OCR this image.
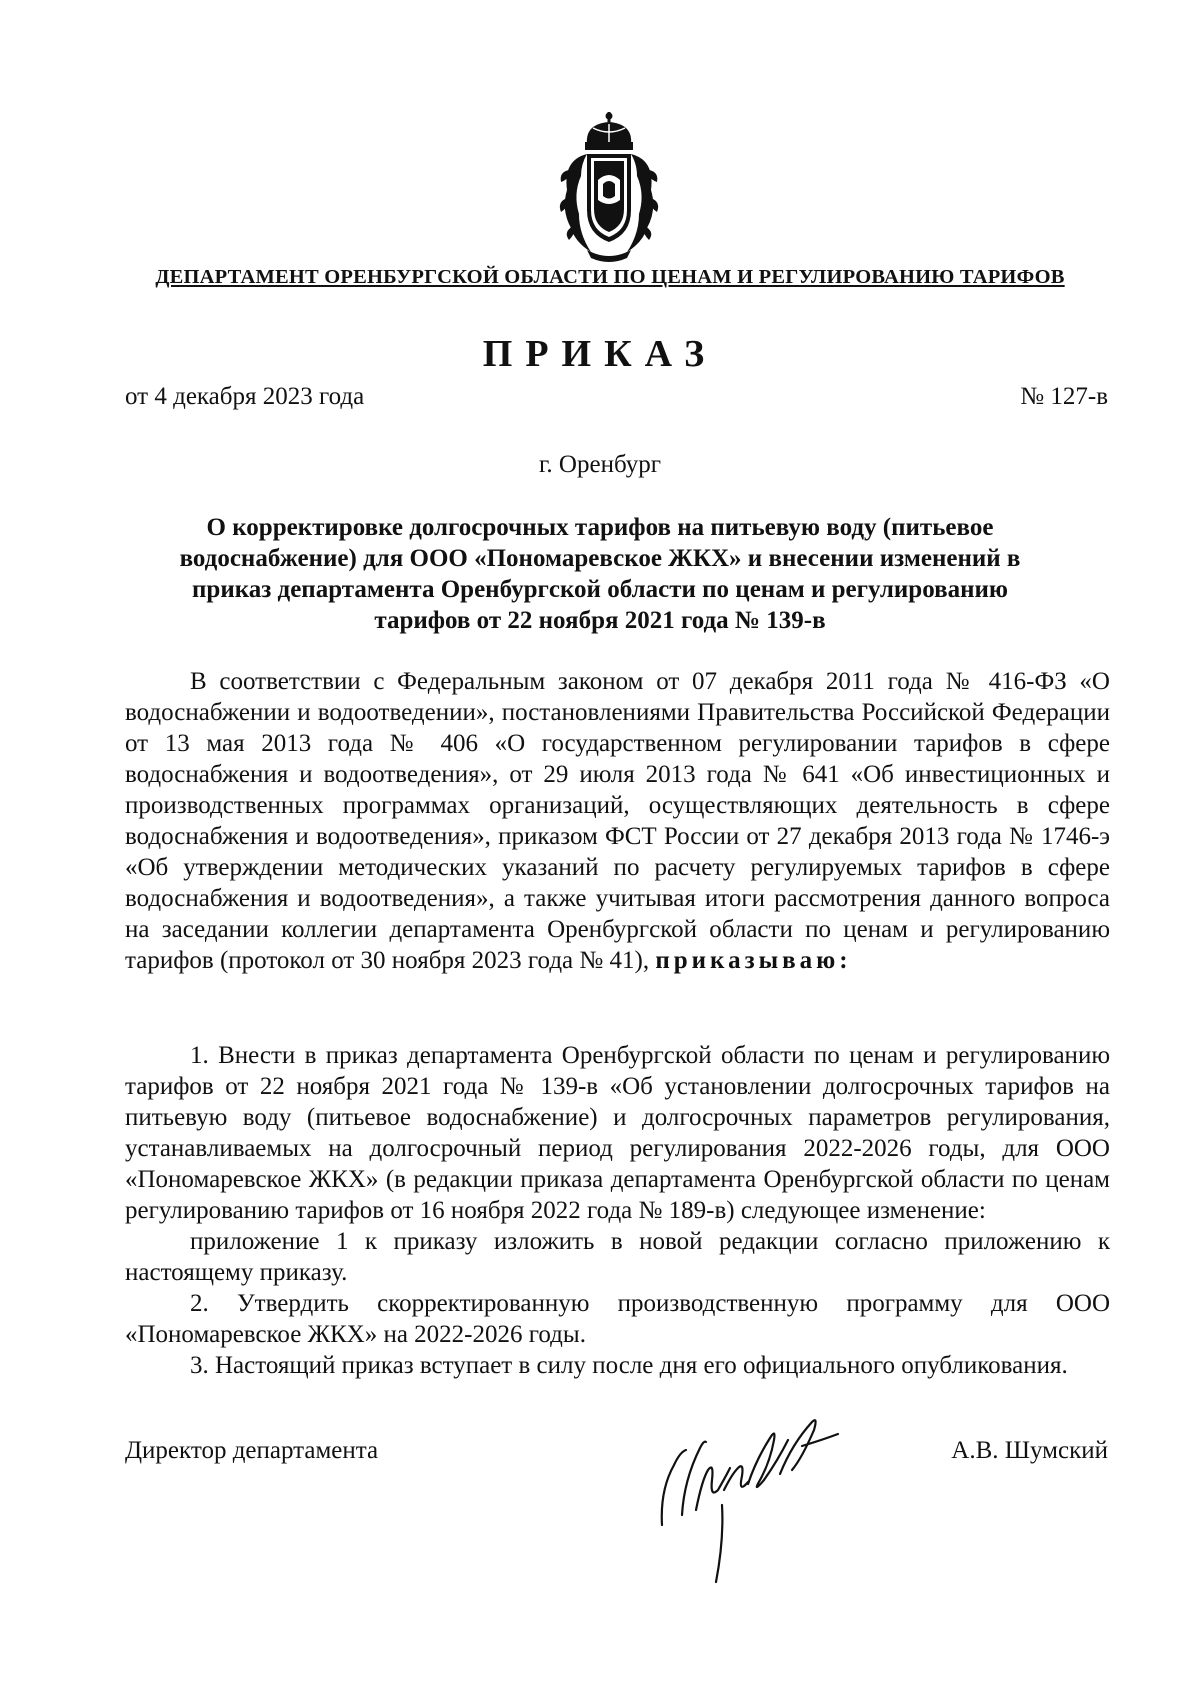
ДЕПАРТАМЕНТ ОРЕНБУРГСКОЙ ОБЛАСТИ ПО ЦЕНАМ И РЕГУЛИРОВАНИЮ ТАРИФОВ
ПРИКАЗ
от 4 декабря 2023 года	№ 127-в
г. Оренбург
О корректировке долгосрочных тарифов на питьевую воду (питьевое водоснабжение) для ООО «Пономаревское ЖКХ» и внесении изменений в приказ департамента Оренбургской области по ценам и регулированию тарифов от 22 ноября 2021 года № 139-в

В соответствии с Федеральным законом от 07 декабря 2011 года № 416-ФЗ «О водоснабжении и водоотведении», постановлениями Правительства Российской Федерации от 13 мая 2013 года № 406 «О государственном регулировании тарифов в сфере водоснабжения и водоотведения», от 29 июля 2013 года № 641 «Об инвестиционных и производственных программах организаций, осуществляющих деятельность в сфере водоснабжения и водоотведения», приказом ФСТ России от 27 декабря 2013 года № 1746-э «Об утверждении методических указаний по расчету регулируемых тарифов в сфере водоснабжения и водоотведения», а также учитывая итоги рассмотрения данного вопроса на заседании коллегии департамента Оренбургской области по ценам и регулированию тарифов (протокол от 30 ноября 2023 года № 41), приказываю:

1. Внести в приказ департамента Оренбургской области по ценам и регулированию тарифов от 22 ноября 2021 года № 139-в «Об установлении долгосрочных тарифов на питьевую воду (питьевое водоснабжение) и долгосрочных параметров регулирования, устанавливаемых на долгосрочный период регулирования 2022-2026 годы, для ООО «Пономаревское ЖКХ» (в редакции приказа департамента Оренбургской области по ценам регулированию тарифов от 16 ноября 2022 года № 189-в) следующее изменение:

приложение 1 к приказу изложить в новой редакции согласно приложению к настоящему приказу.

2. Утвердить скорректированную производственную программу для ООО «Пономаревское ЖКХ» на 2022-2026 годы.

3. Настоящий приказ вступает в силу после дня его официального опубликования.

Директор департамента	А.В. Шумский
